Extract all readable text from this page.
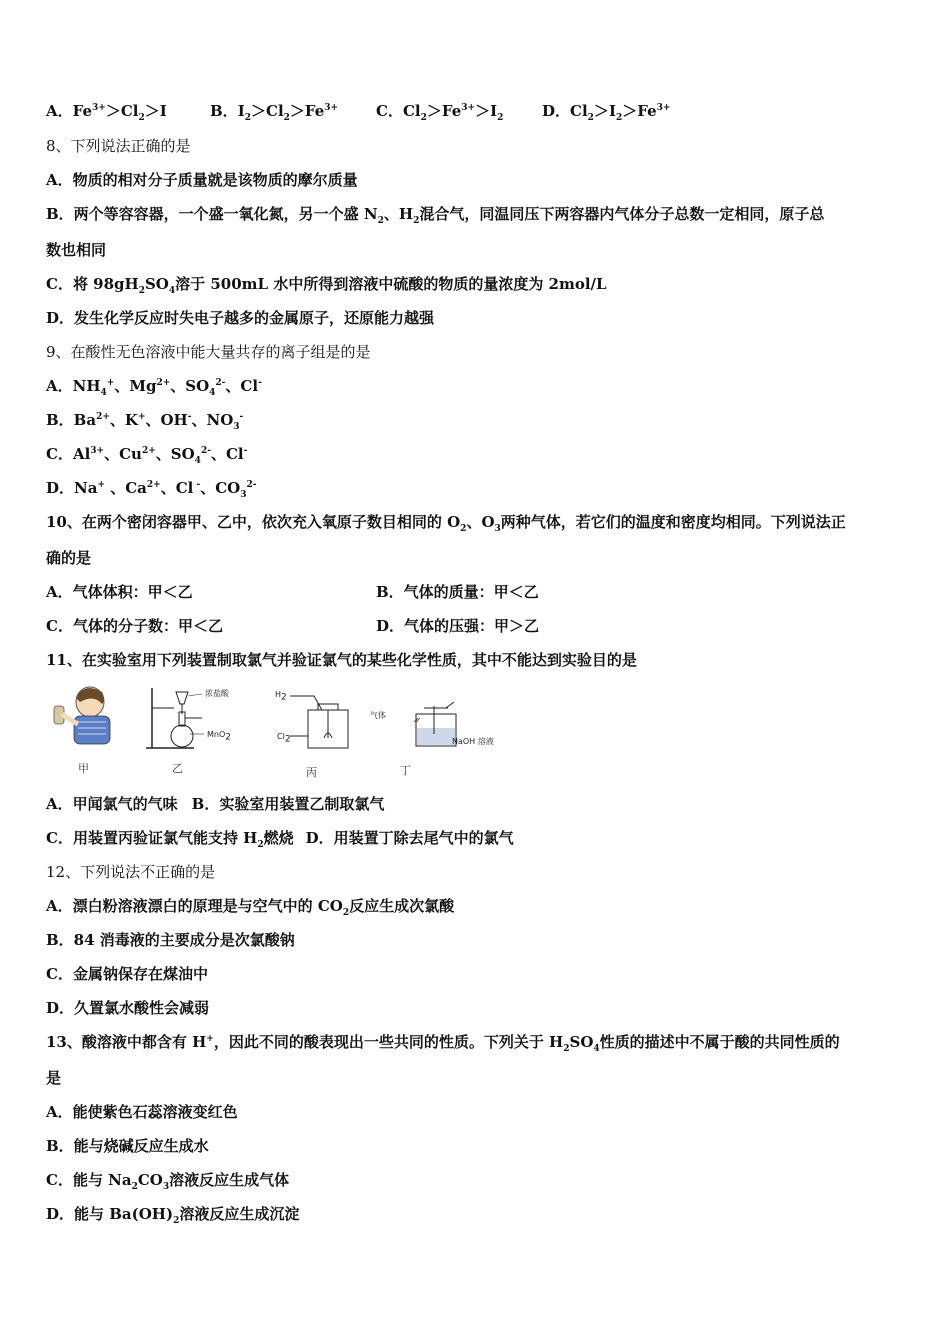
A．$Fe^{3+}>Cl_2>I$	B．$I_2>Cl_2>Fe^{3+}$	C．$Cl_2>Fe^{3+}>I_2$	D．$Cl_2>I_2>Fe^{3+}$
8、下列说法正确的是
A．物质的相对分子质量就是该物质的摩尔质量
B．两个等容容器，一个盛一氧化氮，另一个盛 $N_2$、$H_2$混合气，同温同压下两容器内气体分子总数一定相同，原子总
数也相同
C．将 $98gH_2SO_4$溶于 500mL 水中所得到溶液中硫酸的物质的量浓度为 2mol/L
D．发生化学反应时失电子越多的金属原子，还原能力越强
9、在酸性无色溶液中能大量共存的离子组是的是
A．$NH_4^+$、$Mg^{2+}$、$SO_4^{2-}$、Cl-
B．$Ba^{2+}$、K+、OH-、$NO_3^-$
C．$Al^{3+}$、$Cu^{2+}$、$SO_4^{2-}$、Cl-
D．Na+ 、$Ca^{2+}$、Cl -、$CO_3^{2-}$
10、在两个密闭容器甲、乙中，依次充入氧原子数目相同的 $O_2$、$O_3$两种气体，若它们的温度和密度均相同。下列说法正
确的是
A．气体体积：甲＜乙	B．气体的质量：甲＜乙
C．气体的分子数：甲＜乙	D．气体的压强：甲＞乙
11、在实验室用下列装置制取氯气并验证氯气的某些化学性质，其中不能达到实验目的是
甲
浓盐酸
MnO$_2$
乙
$H_2$
$Cl_2$
丙
气体
NaOH 溶液
丁
A．甲闻氯气的气味 B．实验室用装置乙制取氯气
C．用装置丙验证氯气能支持 $H_2$燃烧 D．用装置丁除去尾气中的氯气
12、下列说法不正确的是
A．漂白粉溶液漂白的原理是与空气中的 $CO_2$反应生成次氯酸
B．84 消毒液的主要成分是次氯酸钠
C．金属钠保存在煤油中
D．久置氯水酸性会减弱
13、酸溶液中都含有 H+，因此不同的酸表现出一些共同的性质。下列关于 $H_2SO_4$性质的描述中不属于酸的共同性质的
是
A．能使紫色石蕊溶液变红色
B．能与烧碱反应生成水
C．能与 $Na_2CO_3$溶液反应生成气体
D．能与 $Ba(OH)_2$溶液反应生成沉淀
